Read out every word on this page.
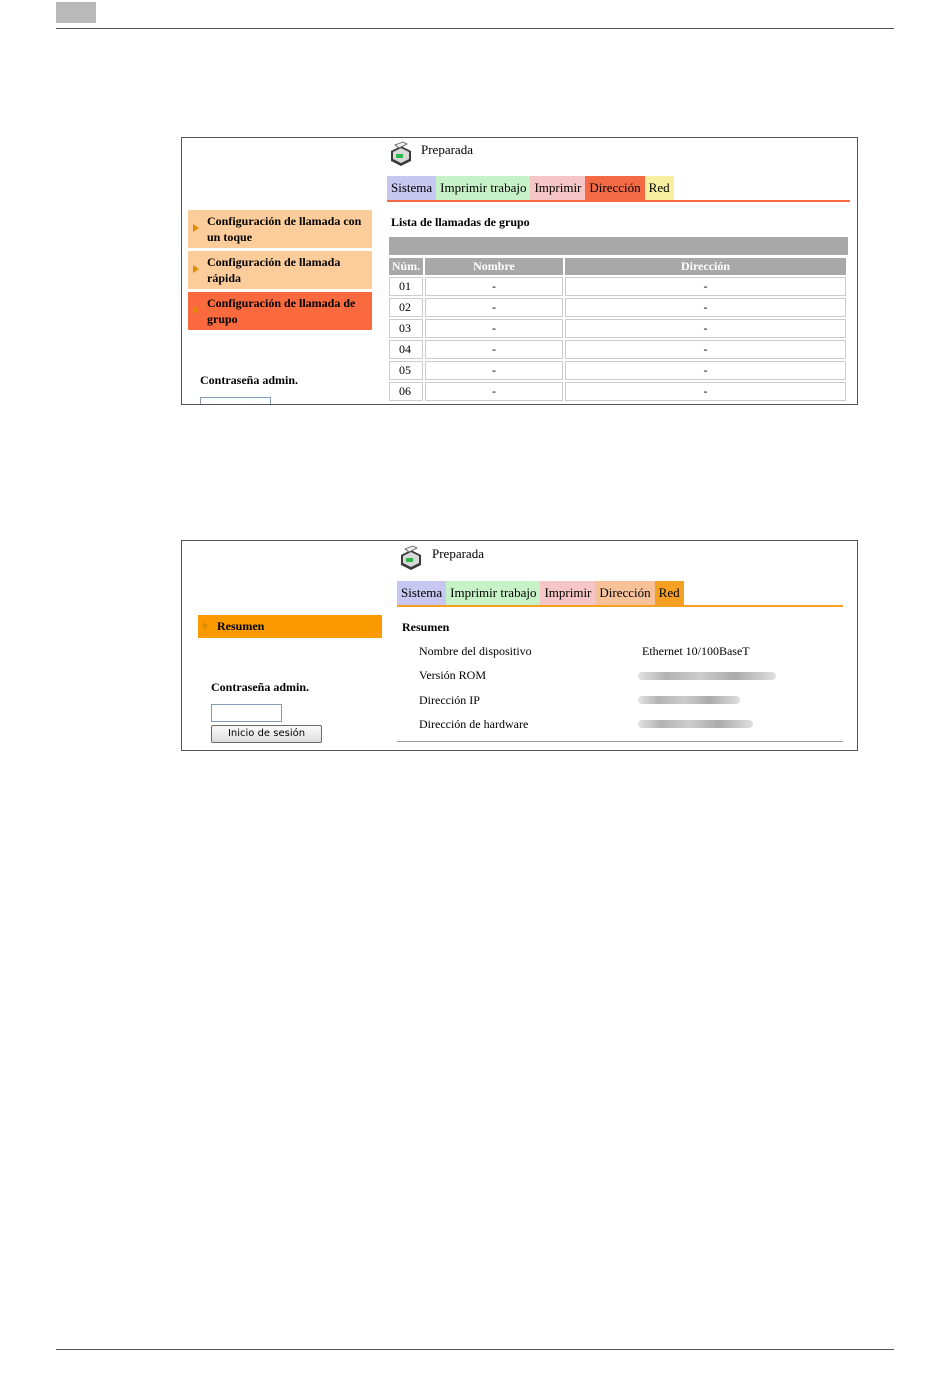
Preparada
Sistema Imprimir trabajo Imprimir Dirección Red
Configuración de llamada con un toque
Configuración de llamada rápida
Configuración de llamada de grupo
Contraseña admin.
Lista de llamadas de grupo
Núm.	Nombre	Dirección
01	-	-
02	-	-
03	-	-
04	-	-
05	-	-
06	-	-
Preparada
Sistema Imprimir trabajo Imprimir Dirección Red
Resumen
Contraseña admin.
Inicio de sesión
Resumen
Nombre del dispositivo	Ethernet 10/100BaseT
Versión ROM
Dirección IP
Dirección de hardware
